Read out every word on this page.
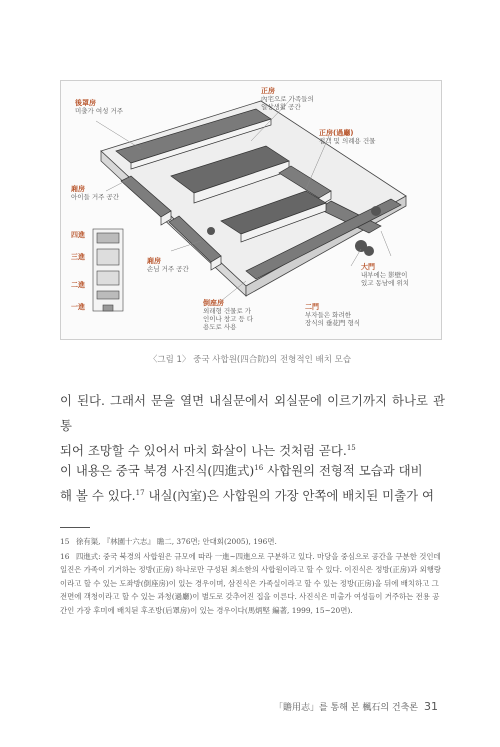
後罩房
미출가 여성 거주
正房
內宅으로 가족들의
일상생활 공간
正房(過廳)
접객 및 의례용 건물
廂房
아이들 거주 공간
四進
三進
二進
一進
廂房
손님 거주 공간
倒座房
외래형 건물로 가
인이나 창고 등 다
용도로 사용
大門
내부에는 影壁이
있고 동남에 위치
二門
부자들은 화려한
장식의 垂花門 형식
〈그림 1〉 중국 사합원(四合院)의 전형적인 배치 모습
이 된다. 그래서 문을 열면 내실문에서 외실문에 이르기까지 하나로 관통
되어 조망할 수 있어서 마치 화살이 나는 것처럼 곧다.$^{15}$
이 내용은 중국 북경 사진식(四進式)$^{16}$ 사합원의 전형적 모습과 대비
해 볼 수 있다.$^{17}$ 내실(內室)은 사합원의 가장 안쪽에 배치된 미출가 여
15 徐有渠, 『林園十六志』 瞻二, 376면; 안대회(2005), 196면.
16 四進式: 중국 북경의 사합원은 규모에 따라 一進~四進으로 구분하고 있다. 마당을 중심으로 공간을 구분한 것인데 일진은 가족이 기거하는 정방(正房) 하나로만 구성된 최소한의 사합원이라고 할 수 있다. 이진식은 정방(正房)과 외행랑이라고 할 수 있는 도좌방(倒座房)이 있는 경우이며, 삼진식은 가족실이라고 할 수 있는 정방(正房)을 뒤에 배치하고 그 전면에 객청이라고 할 수 있는 과청(過廳)이 별도로 갖추어진 집을 이른다. 사진식은 미출가 여성들이 거주하는 전용 공간인 가장 후미에 배치된 후조방(后罩房)이 있는 경우이다(馬炳堅 編著, 1999, 15~20면).
「贍用志」를 통해 본 楓石의 건축론 31
